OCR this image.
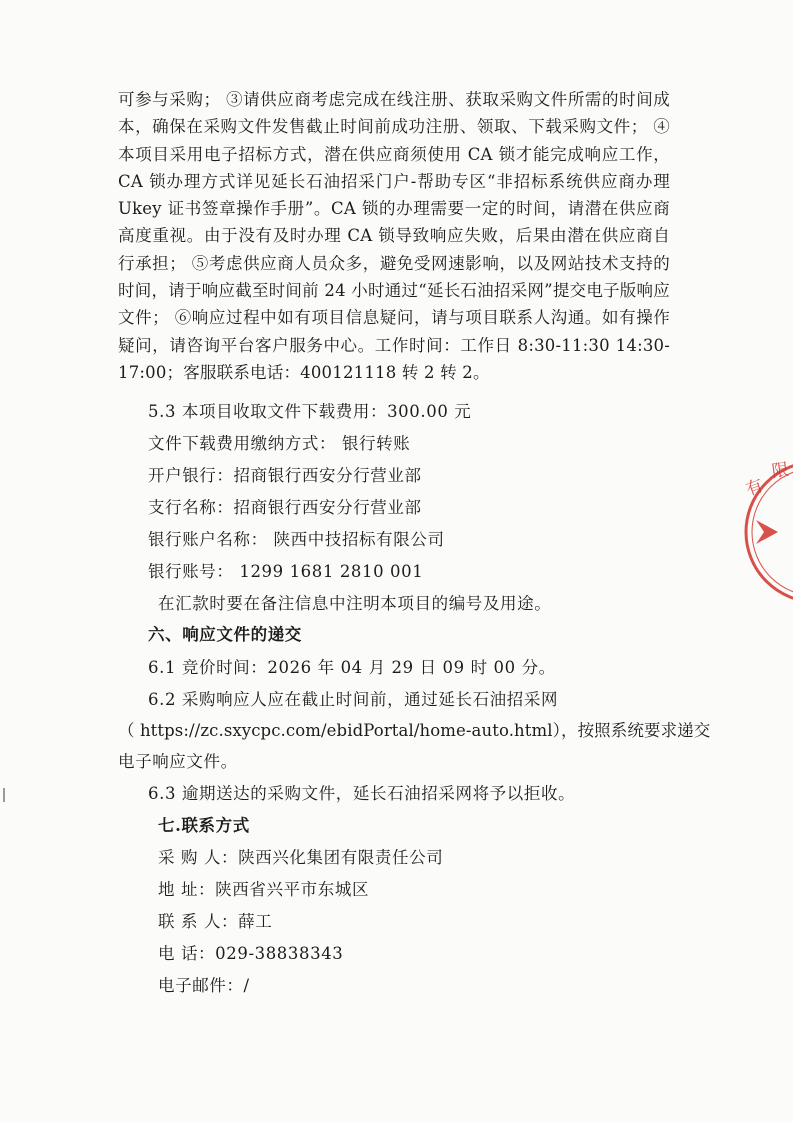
可参与采购； ③请供应商考虑完成在线注册、获取采购文件所需的时间成本，确保在采购文件发售截止时间前成功注册、领取、下载采购文件； ④本项目采用电子招标方式，潜在供应商须使用 CA 锁才能完成响应工作，CA 锁办理方式详见延长石油招采门户-帮助专区“非招标系统供应商办理 Ukey 证书签章操作手册”。CA 锁的办理需要一定的时间，请潜在供应商高度重视。由于没有及时办理 CA 锁导致响应失败，后果由潜在供应商自行承担； ⑤考虑供应商人员众多，避免受网速影响，以及网站技术支持的时间，请于响应截至时间前 24 小时通过“延长石油招采网”提交电子版响应文件； ⑥响应过程中如有项目信息疑问，请与项目联系人沟通。如有操作疑问，请咨询平台客户服务中心。工作时间：工作日 8:30-11:30 14:30-17:00；客服联系电话：400121118 转 2 转 2。
5.3 本项目收取文件下载费用：300.00 元
文件下载费用缴纳方式： 银行转账
开户银行：招商银行西安分行营业部
支行名称：招商银行西安分行营业部
银行账户名称： 陕西中技招标有限公司
银行账号： 1299 1681 2810 001
在汇款时要在备注信息中注明本项目的编号及用途。
六、响应文件的递交
6.1 竞价时间：2026 年 04 月 29 日 09 时 00 分。
6.2 采购响应人应在截止时间前，通过延长石油招采网
（ https://zc.sxycpc.com/ebidPortal/home-auto.html），按照系统要求递交
电子响应文件。
6.3 逾期送达的采购文件，延长石油招采网将予以拒收。
七.联系方式
采 购 人：陕西兴化集团有限责任公司
地 址：陕西省兴平市东城区
联 系 人：薛工
电 话：029-38838343
电子邮件：/
有
限
